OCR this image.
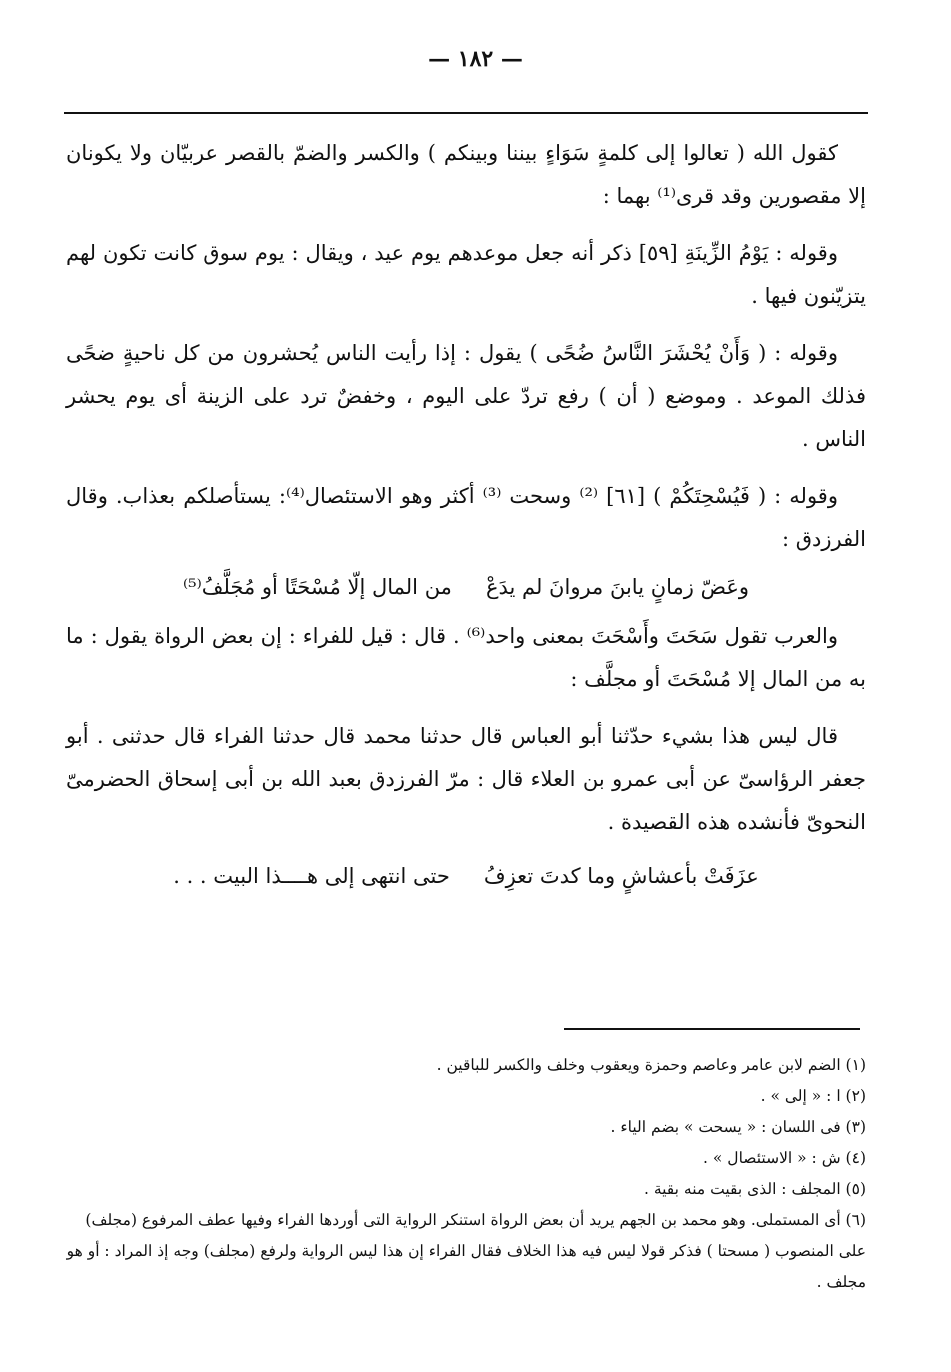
— ١٨٢ —

كقول الله ( تعالوا إلى كلمةٍ سَوَاءٍ بيننا وبينكم ) والكسر والضمّ بالقصر عربيّان ولا يكونان إلا مقصورين وقد قرى⁽¹⁾ بهما :

وقوله : يَوْمُ الزِّينَةِ [٥٩] ذكر أنه جعل موعدهم يوم عيد ، ويقال : يوم سوق كانت تكون لهم يتزيّنون فيها .

وقوله : ( وَأَنْ يُحْشَرَ النَّاسُ ضُحًى ) يقول : إذا رأيت الناس يُحشرون من كل ناحيةٍ ضحًى فذلك الموعد . وموضع ( أن ) رفع تردّ على اليوم ، وخفضٌ ترد على الزينة أى يوم يحشر الناس .

وقوله : ( فَيُسْحِتَكُمْ ) [٦١] ⁽²⁾ وسحت ⁽³⁾ أكثر وهو الاستئصال⁽⁴⁾: يستأصلكم بعذاب. وقال الفرزدق :

وعَضّ زمانٍ يابنَ مروانَ لم يدَعْ
من المال إلّا مُسْحَتًا أو مُجَلَّفُ⁽⁵⁾

والعرب تقول سَحَتَ وأَسْحَتَ بمعنى واحد⁽⁶⁾ . قال : قيل للفراء : إن بعض الرواة يقول : ما به من المال إلا مُسْحَتَ أو مجلَّف :

قال ليس هذا بشيء حدّثنا أبو العباس قال حدثنا محمد قال حدثنا الفراء قال حدثنى . أبو جعفر الرؤاسىّ عن أبى عمرو بن العلاء قال : مرّ الفرزدق بعبد الله بن أبى إسحاق الحضرمىّ النحوىّ فأنشده هذه القصيدة .

عزَفَتْ بأعشاشٍ وما كدتَ تعزِفُ
حتى انتهى إلى هــــذا البيت . . .

(١) الضم لابن عامر وعاصم وحمزة ويعقوب وخلف والكسر للباقين .

(٢) ا : « إلى » .

(٣) فى اللسان : « يسحت » بضم الياء .

(٤) ش : « الاستئصال » .

(٥) المجلف : الذى بقيت منه بقية .

(٦) أى المستملى. وهو محمد بن الجهم يريد أن بعض الرواة استنكر الرواية التى أوردها الفراء وفيها عطف المرفوع (مجلف) على المنصوب ( مسحتا ) فذكر قولا ليس فيه هذا الخلاف فقال الفراء إن هذا ليس الرواية ولرفع (مجلف) وجه إذ المراد : أو هو مجلف .
